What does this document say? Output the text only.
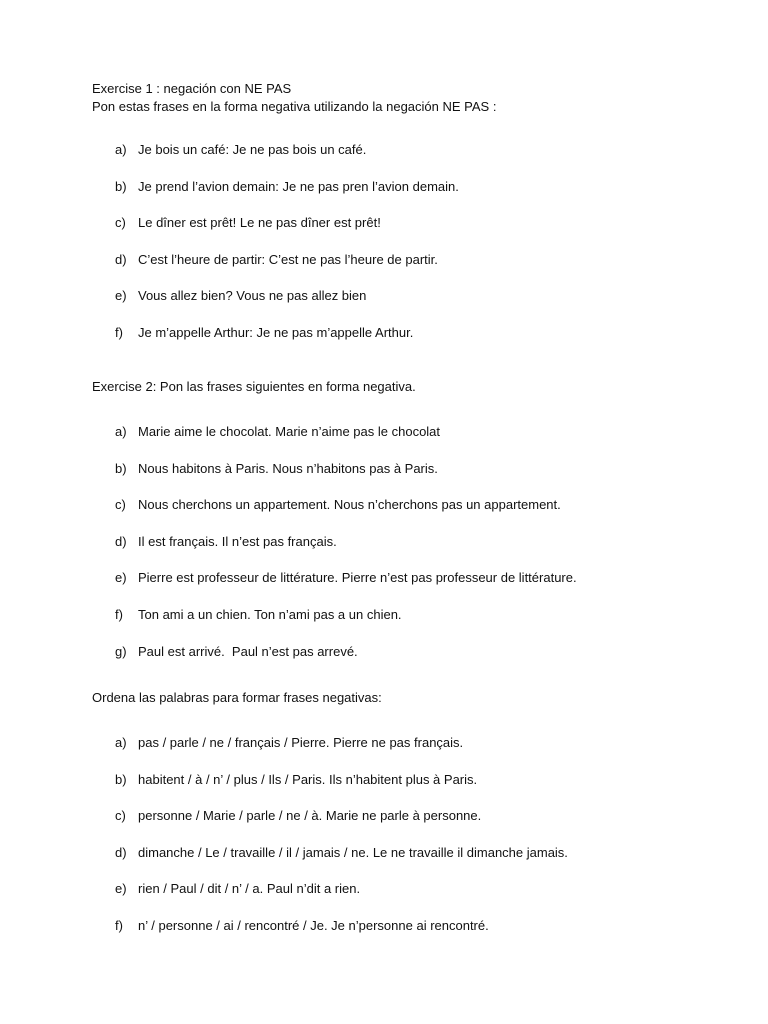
Exercise 1 : negación con NE PAS
Pon estas frases en la forma negativa utilizando la negación NE PAS :
a) Je bois un café: Je ne pas bois un café.
b) Je prend l’avion demain: Je ne pas pren l’avion demain.
c) Le dîner est prêt! Le ne pas dîner est prêt!
d) C’est l’heure de partir: C’est ne pas l’heure de partir.
e) Vous allez bien? Vous ne pas allez bien
f) Je m’appelle Arthur: Je ne pas m’appelle Arthur.
Exercise 2: Pon las frases siguientes en forma negativa.
a) Marie aime le chocolat. Marie n’aime pas le chocolat
b) Nous habitons à Paris. Nous n’habitons pas à Paris.
c) Nous cherchons un appartement. Nous n’cherchons pas un appartement.
d) Il est français. Il n’est pas français.
e) Pierre est professeur de littérature. Pierre n’est pas professeur de littérature.
f) Ton ami a un chien. Ton n’ami pas a un chien.
g) Paul est arrivé.  Paul n’est pas arrevé.
Ordena las palabras para formar frases negativas:
a) pas / parle / ne / français / Pierre. Pierre ne pas français.
b) habitent / à / n’ / plus / Ils / Paris. Ils n’habitent plus à Paris.
c) personne / Marie / parle / ne / à. Marie ne parle à personne.
d) dimanche / Le / travaille / il / jamais / ne. Le ne travaille il dimanche jamais.
e) rien / Paul / dit / n’ / a. Paul n’dit a rien.
f) n’ / personne / ai / rencontré / Je. Je n’personne ai rencontré.
